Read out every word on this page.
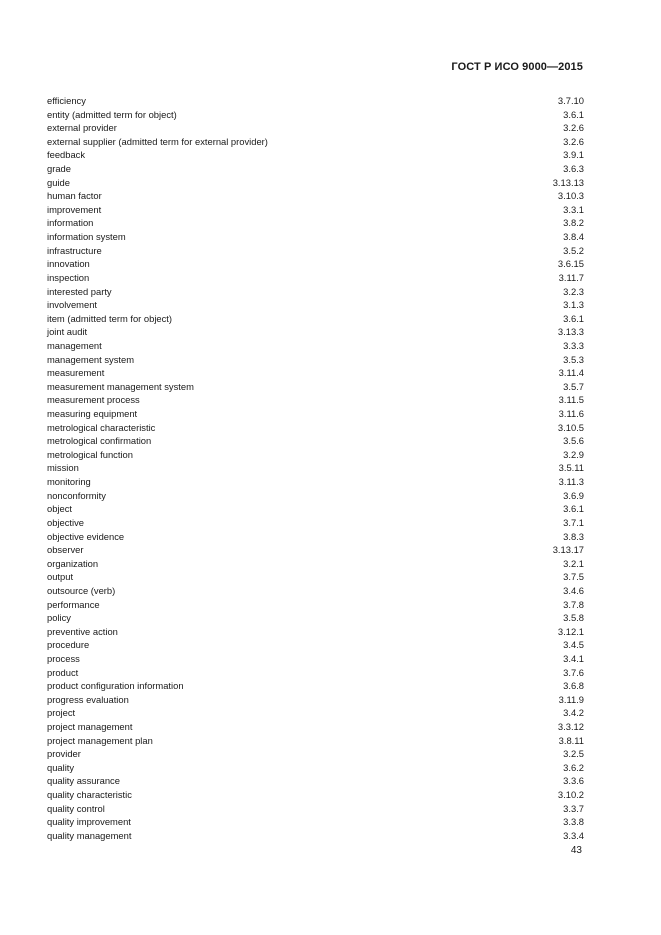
ГОСТ Р ИСО 9000—2015
efficiency	3.7.10
entity (admitted term for object)	3.6.1
external provider	3.2.6
external supplier (admitted term for external provider)	3.2.6
feedback	3.9.1
grade	3.6.3
guide	3.13.13
human factor	3.10.3
improvement	3.3.1
information	3.8.2
information system	3.8.4
infrastructure	3.5.2
innovation	3.6.15
inspection	3.11.7
interested party	3.2.3
involvement	3.1.3
item (admitted term for object)	3.6.1
joint audit	3.13.3
management	3.3.3
management system	3.5.3
measurement	3.11.4
measurement management system	3.5.7
measurement process	3.11.5
measuring equipment	3.11.6
metrological characteristic	3.10.5
metrological confirmation	3.5.6
metrological function	3.2.9
mission	3.5.11
monitoring	3.11.3
nonconformity	3.6.9
object	3.6.1
objective	3.7.1
objective evidence	3.8.3
observer	3.13.17
organization	3.2.1
output	3.7.5
outsource (verb)	3.4.6
performance	3.7.8
policy	3.5.8
preventive action	3.12.1
procedure	3.4.5
process	3.4.1
product	3.7.6
product configuration information	3.6.8
progress evaluation	3.11.9
project	3.4.2
project management	3.3.12
project management plan	3.8.11
provider	3.2.5
quality	3.6.2
quality assurance	3.3.6
quality characteristic	3.10.2
quality control	3.3.7
quality improvement	3.3.8
quality management	3.3.4
43
